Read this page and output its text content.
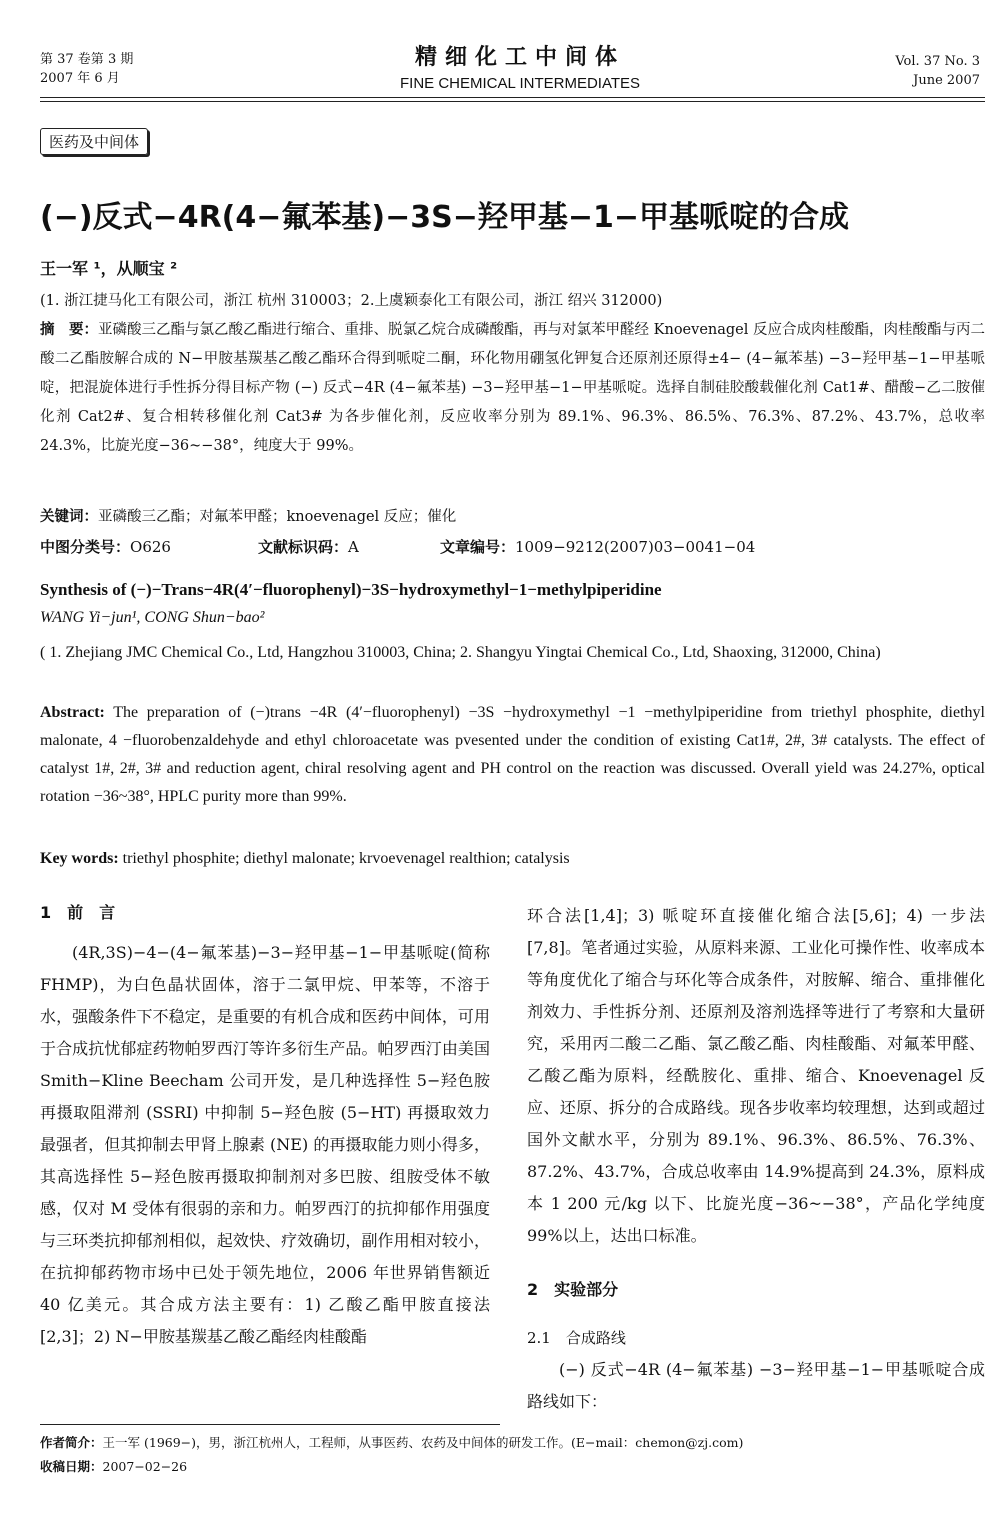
第 37 卷第 3 期
2007 年 6 月
精细化工中间体
FINE CHEMICAL INTERMEDIATES
Vol. 37 No. 3
June 2007
医药及中间体
(−)反式−4R(4−氟苯基)−3S−羟甲基−1−甲基哌啶的合成
王一军 ¹，从顺宝 ²
(1. 浙江捷马化工有限公司，浙江 杭州 310003；2.上虞颖泰化工有限公司，浙江 绍兴 312000)
摘　要：亚磷酸三乙酯与氯乙酸乙酯进行缩合、重排、脱氯乙烷合成磷酸酯，再与对氯苯甲醛经 Knoevenagel 反应合成肉桂酸酯，肉桂酸酯与丙二酸二乙酯胺解合成的 N−甲胺基羰基乙酸乙酯环合得到哌啶二酮，环化物用硼氢化钾复合还原剂还原得±4− (4−氟苯基) −3−羟甲基−1−甲基哌啶，把混旋体进行手性拆分得目标产物 (−) 反式−4R (4−氟苯基) −3−羟甲基−1−甲基哌啶。选择自制硅胶酸载催化剂 Cat1#、醋酸−乙二胺催化剂 Cat2#、复合相转移催化剂 Cat3# 为各步催化剂，反应收率分别为 89.1%、96.3%、86.5%、76.3%、87.2%、43.7%，总收率 24.3%，比旋光度−36~−38°，纯度大于 99%。
关键词：亚磷酸三乙酯；对氟苯甲醛；knoevenagel 反应；催化
中图分类号：O626	文献标识码：A	文章编号：1009−9212(2007)03−0041−04
Synthesis of (−)−Trans−4R(4′−fluorophenyl)−3S−hydroxymethyl−1−methylpiperidine
WANG Yi−jun¹, CONG Shun−bao²
( 1. Zhejiang JMC Chemical Co., Ltd, Hangzhou 310003, China; 2. Shangyu Yingtai Chemical Co., Ltd, Shaoxing, 312000, China)
Abstract: The preparation of (−)trans −4R (4′−fluorophenyl) −3S −hydroxymethyl −1 −methylpiperidine from triethyl phosphite, diethyl malonate, 4 −fluorobenzaldehyde and ethyl chloroacetate was pvesented under the condition of existing Cat1#, 2#, 3# catalysts. The effect of catalyst 1#, 2#, 3# and reduction agent, chiral resolving agent and PH control on the reaction was discussed. Overall yield was 24.27%, optical rotation −36~38°, HPLC purity more than 99%.
Key words: triethyl phosphite; diethyl malonate; krvoevenagel realthion; catalysis
1　前　言

(4R,3S)−4−(4−氟苯基)−3−羟甲基−1−甲基哌啶(简称 FHMP)，为白色晶状固体，溶于二氯甲烷、甲苯等，不溶于水，强酸条件下不稳定，是重要的有机合成和医药中间体，可用于合成抗忧郁症药物帕罗西汀等许多衍生产品。帕罗西汀由美国 Smith−Kline Beecham 公司开发，是几种选择性 5−羟色胺再摄取阻滞剂 (SSRI) 中抑制 5−羟色胺 (5−HT) 再摄取效力最强者，但其抑制去甲肾上腺素 (NE) 的再摄取能力则小得多，其高选择性 5−羟色胺再摄取抑制剂对多巴胺、组胺受体不敏感，仅对 M 受体有很弱的亲和力。帕罗西汀的抗抑郁作用强度与三环类抗抑郁剂相似，起效快、疗效确切，副作用相对较小，在抗抑郁药物市场中已处于领先地位，2006 年世界销售额近 40 亿美元。其合成方法主要有：1) 乙酸乙酯甲胺直接法[2,3]；2) N−甲胺基羰基乙酸乙酯经肉桂酸酯

环合法[1,4]；3) 哌啶环直接催化缩合法[5,6]；4) 一步法[7,8]。笔者通过实验，从原料来源、工业化可操作性、收率成本等角度优化了缩合与环化等合成条件，对胺解、缩合、重排催化剂效力、手性拆分剂、还原剂及溶剂选择等进行了考察和大量研究，采用丙二酸二乙酯、氯乙酸乙酯、肉桂酸酯、对氟苯甲醛、乙酸乙酯为原料，经酰胺化、重排、缩合、Knoevenagel 反应、还原、拆分的合成路线。现各步收率均较理想，达到或超过国外文献水平，分别为 89.1%、96.3%、86.5%、76.3%、87.2%、43.7%，合成总收率由 14.9%提高到 24.3%，原料成本 1 200 元/kg 以下、比旋光度−36~−38°，产品化学纯度 99%以上，达出口标准。

2　实验部分
2.1　合成路线

(−) 反式−4R (4−氟苯基) −3−羟甲基−1−甲基哌啶合成路线如下：

作者简介：王一军 (1969−)，男，浙江杭州人，工程师，从事医药、农药及中间体的研发工作。(E−mail：chemon@zj.com)
收稿日期：2007−02−26
